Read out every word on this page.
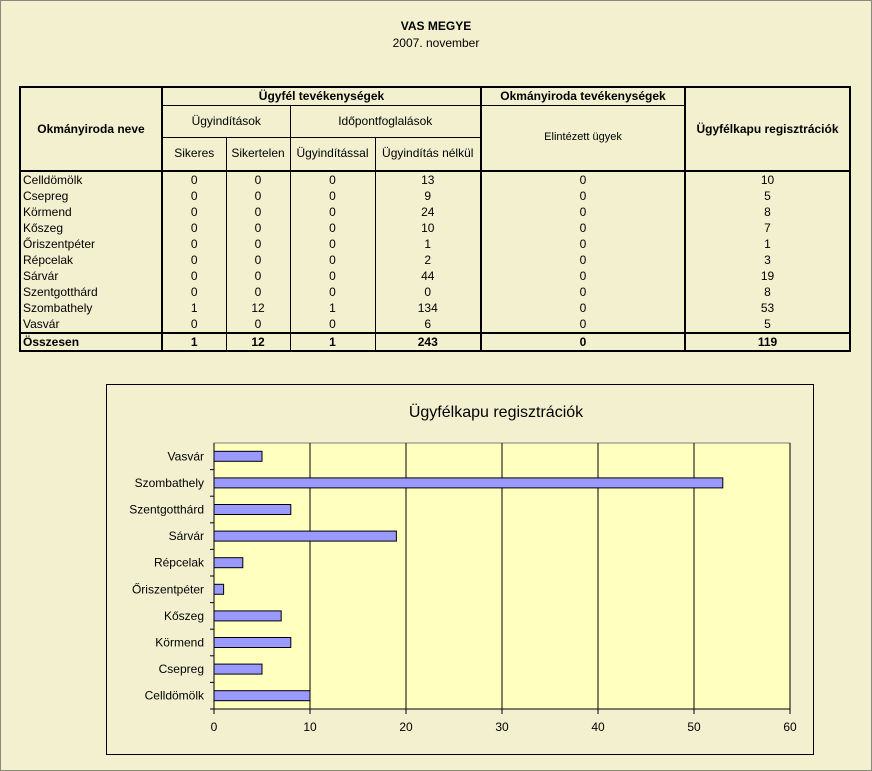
VAS MEGYE
2007. november
Okmányiroda neve	Ügyfél tevékenységek				Okmányiroda tevékenységek	Ügyfélkapu regisztrációk
	Ügyindítások		Időpontfoglalások		Elintézett ügyek	
	Sikeres	Sikertelen	Ügyindítással	Ügyindítás nélkül		
Celldömölk	0	0	0	13	0	10
Csepreg	0	0	0	9	0	5
Körmend	0	0	0	24	0	8
Kőszeg	0	0	0	10	0	7
Őriszentpéter	0	0	0	1	0	1
Répcelak	0	0	0	2	0	3
Sárvár	0	0	0	44	0	19
Szentgotthárd	0	0	0	0	0	8
Szombathely	1	12	1	134	0	53
Vasvár	0	0	0	6	0	5
Összesen	1	12	1	243	0	119
Ügyfélkapu regisztrációk
0	10	20	30	40	50	60
Celldömölk
Csepreg
Körmend
Kőszeg
Őriszentpéter
Répcelak
Sárvár
Szentgotthárd
Szombathely
Vasvár
